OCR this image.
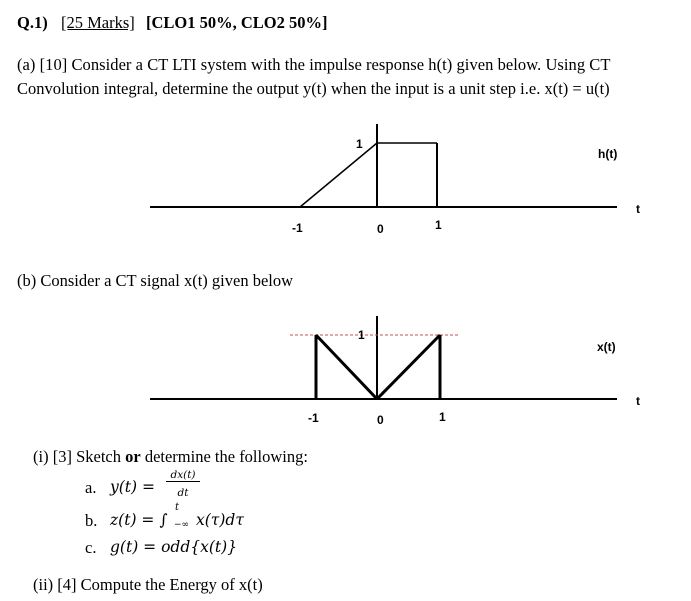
Q.1) [25 Marks] [CLO1 50%, CLO2 50%]
(a) [10] Consider a CT LTI system with the impulse response h(t) given below. Using CT
Convolution integral, determine the output y(t) when the input is a unit step i.e. x(t) = u(t)
1
h(t)
t
-1	0	1
(b) Consider a CT signal x(t) given below
1
x(t)
t
-1	0	1
(i) [3] Sketch or determine the following:
a. y(t) =
dx(t)
dt
b. z(t) = ∫
t
−∞ x(τ)dτ
c. g(t) = odd{x(t)}
(ii) [4] Compute the Energy of x(t)
